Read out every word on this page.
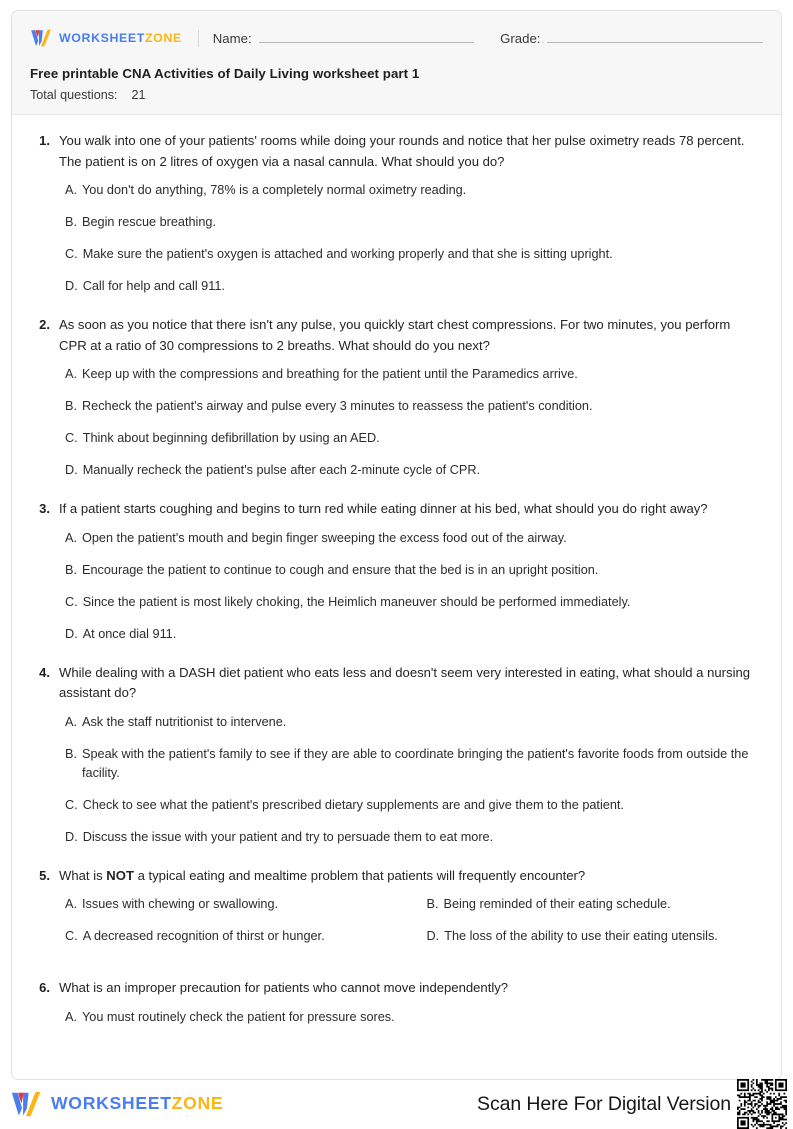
WORKSHEETZONE Name:	Grade:
Free printable CNA Activities of Daily Living worksheet part 1
Total questions: 21
1. You walk into one of your patients' rooms while doing your rounds and notice that her pulse oximetry reads 78 percent. The patient is on 2 litres of oxygen via a nasal cannula. What should you do?
A. You don't do anything, 78% is a completely normal oximetry reading.
B. Begin rescue breathing.
C. Make sure the patient's oxygen is attached and working properly and that she is sitting upright.
D. Call for help and call 911.
2. As soon as you notice that there isn't any pulse, you quickly start chest compressions. For two minutes, you perform CPR at a ratio of 30 compressions to 2 breaths. What should do you next?
A. Keep up with the compressions and breathing for the patient until the Paramedics arrive.
B. Recheck the patient's airway and pulse every 3 minutes to reassess the patient's condition.
C. Think about beginning defibrillation by using an AED.
D. Manually recheck the patient's pulse after each 2-minute cycle of CPR.
3. If a patient starts coughing and begins to turn red while eating dinner at his bed, what should you do right away?
A. Open the patient's mouth and begin finger sweeping the excess food out of the airway.
B. Encourage the patient to continue to cough and ensure that the bed is in an upright position.
C. Since the patient is most likely choking, the Heimlich maneuver should be performed immediately.
D. At once dial 911.
4. While dealing with a DASH diet patient who eats less and doesn't seem very interested in eating, what should a nursing assistant do?
A. Ask the staff nutritionist to intervene.
B. Speak with the patient's family to see if they are able to coordinate bringing the patient's favorite foods from outside the facility.
C. Check to see what the patient's prescribed dietary supplements are and give them to the patient.
D. Discuss the issue with your patient and try to persuade them to eat more.
5. What is NOT a typical eating and mealtime problem that patients will frequently encounter?
A. Issues with chewing or swallowing.	B. Being reminded of their eating schedule.
C. A decreased recognition of thirst or hunger.	D. The loss of the ability to use their eating utensils.
6. What is an improper precaution for patients who cannot move independently?
A. You must routinely check the patient for pressure sores.
WORKSHEETZONE	Scan Here For Digital Version
